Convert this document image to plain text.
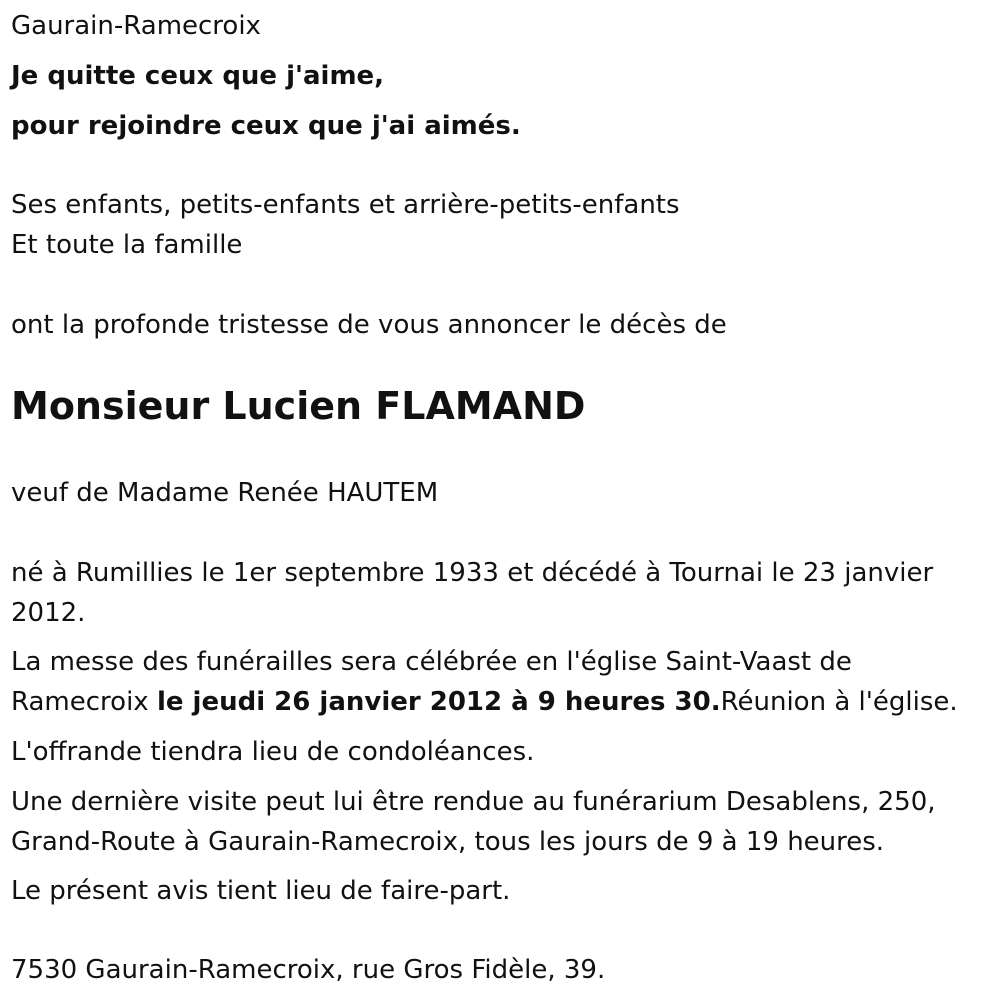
Gaurain-Ramecroix
Je quitte ceux que j'aime,
pour rejoindre ceux que j'ai aimés.
Ses enfants, petits-enfants et arrière-petits-enfants
Et toute la famille
ont la profonde tristesse de vous annoncer le décès de
Monsieur Lucien FLAMAND
veuf de Madame Renée HAUTEM
né à Rumillies le 1er septembre 1933 et décédé à Tournai le 23 janvier
2012.
La messe des funérailles sera célébrée en l'église Saint-Vaast de
Ramecroix le jeudi 26 janvier 2012 à 9 heures 30.Réunion à l'église.
L'offrande tiendra lieu de condoléances.
Une dernière visite peut lui être rendue au funérarium Desablens, 250,
Grand-Route à Gaurain-Ramecroix, tous les jours de 9 à 19 heures.
Le présent avis tient lieu de faire-part.
7530 Gaurain-Ramecroix, rue Gros Fidèle, 39.
